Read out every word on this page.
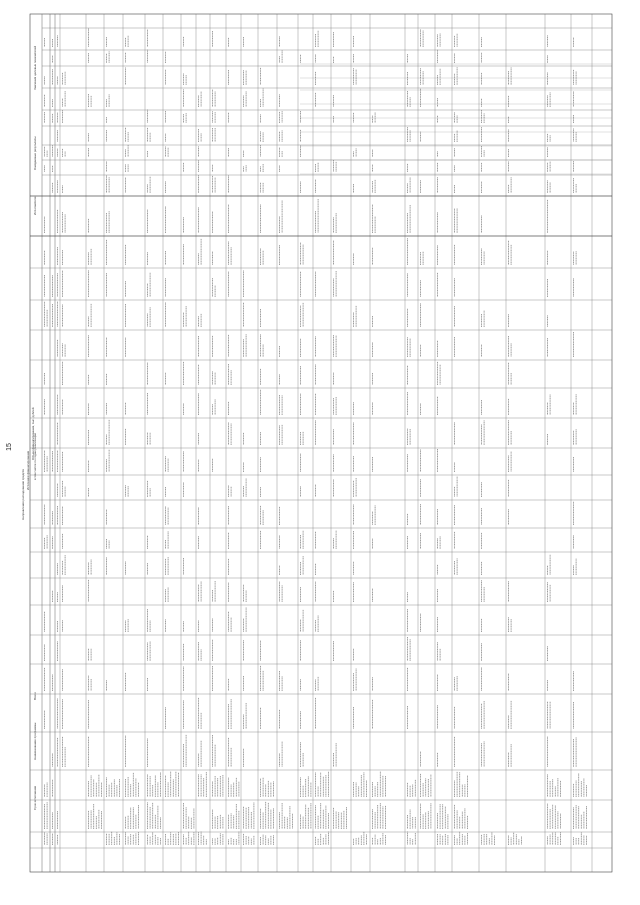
15
Наименование программы
Срок исполнения
Всего
в том числе по годам реализации
Исполнители
Ожидаемые результаты
Значения целевых показателей
Направления расходования средств Источники финансирования
Объем финансирования, тыс. рублей
